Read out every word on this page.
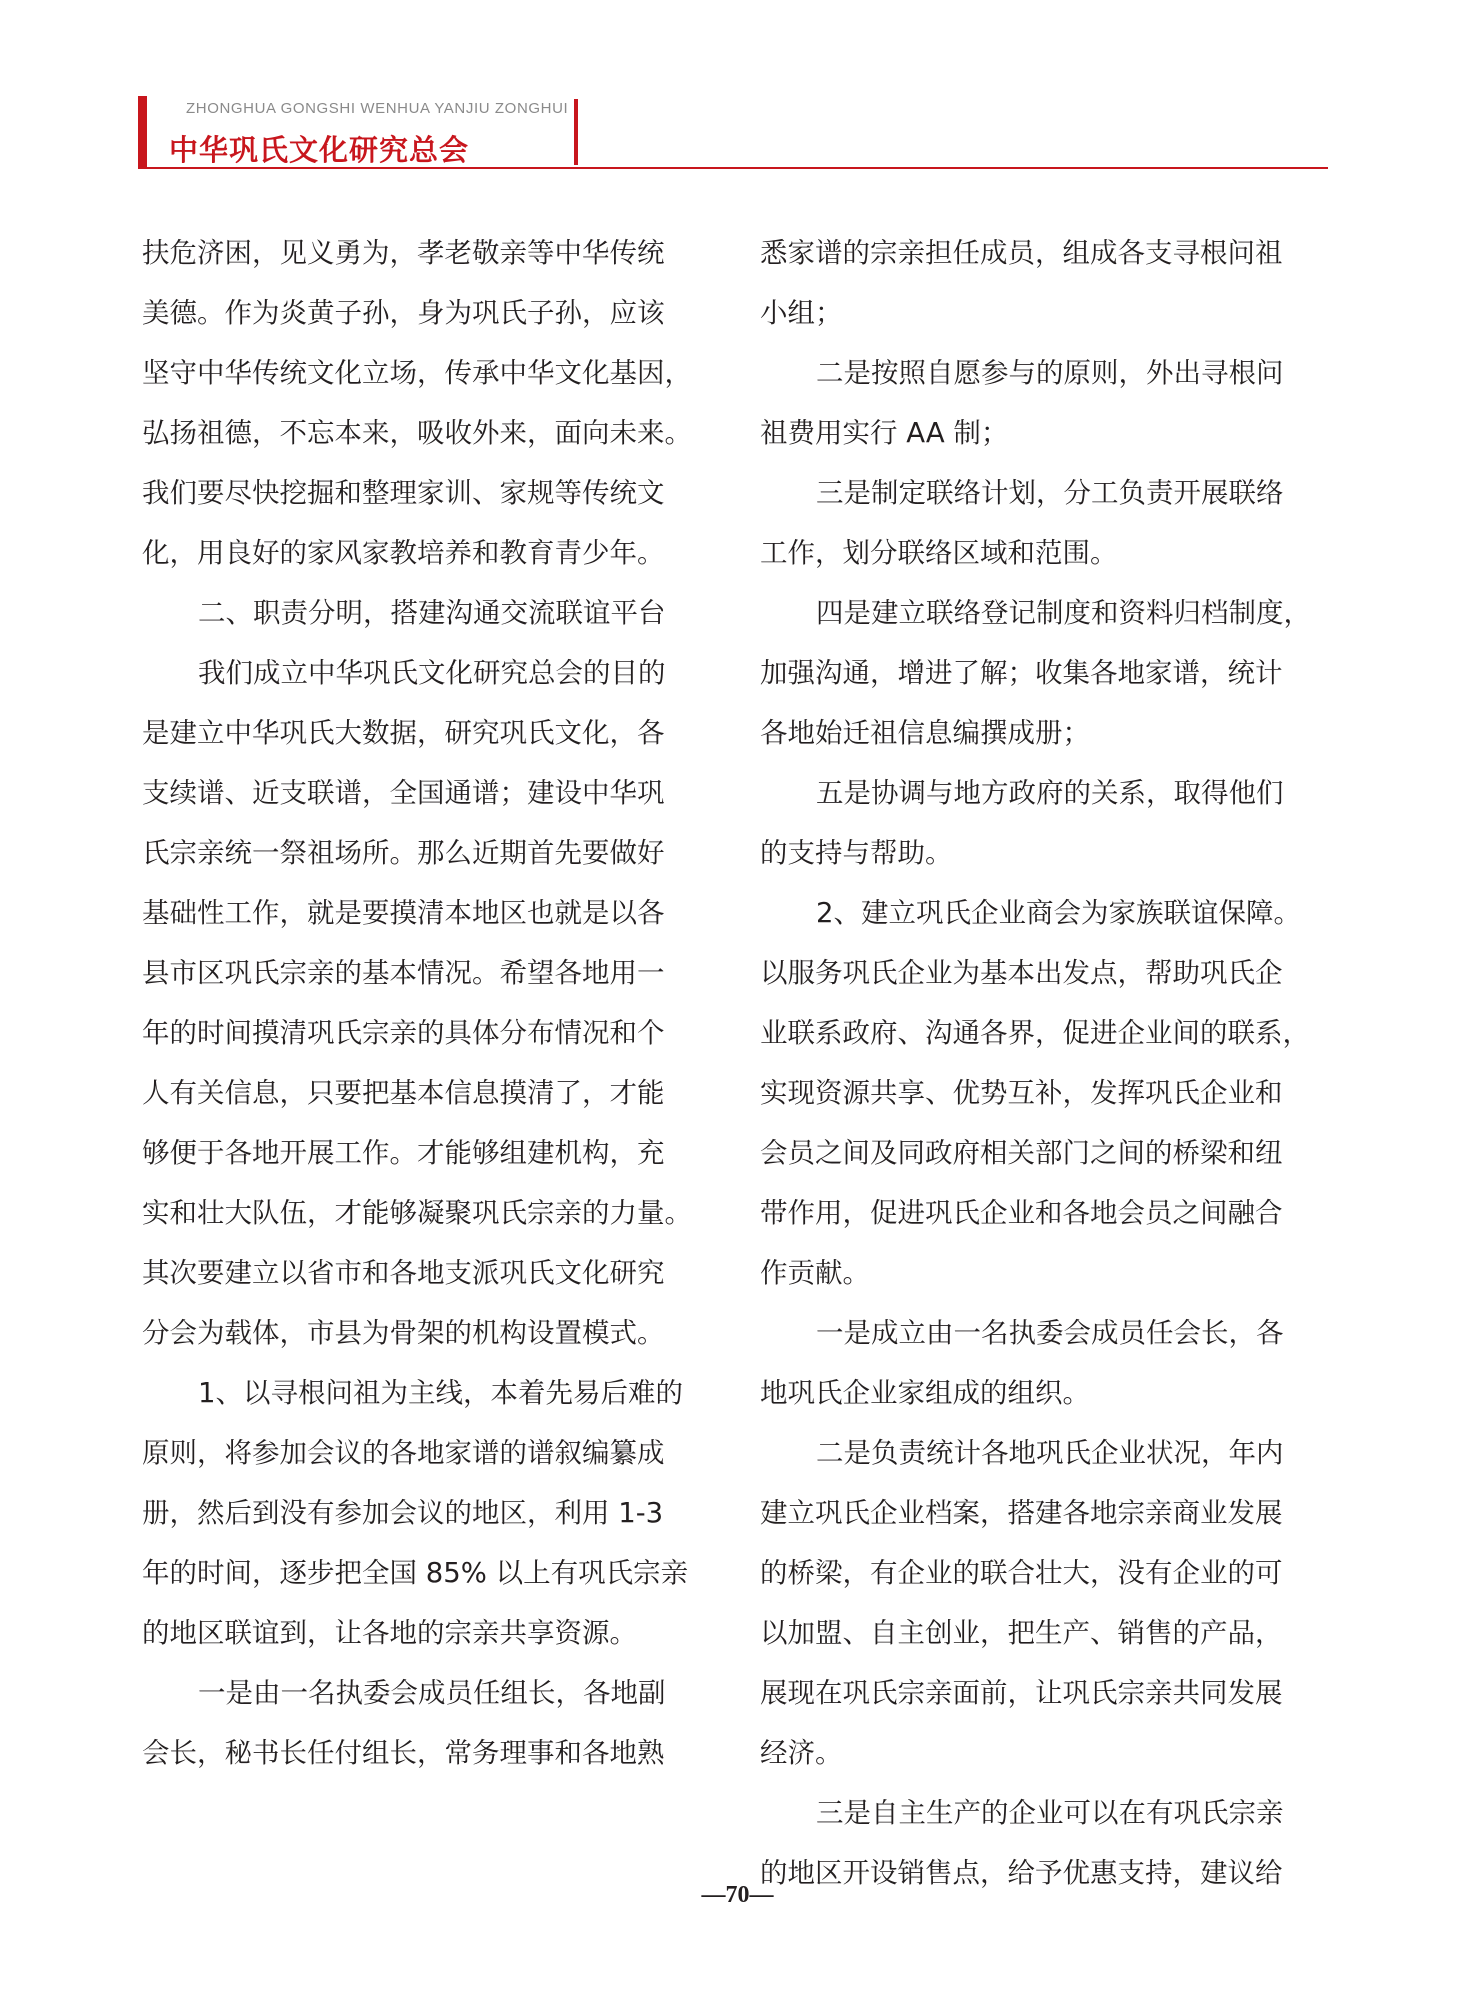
ZHONGHUA GONGSHI WENHUA YANJIU ZONGHUI
中华巩氏文化研究总会

扶危济困，见义勇为，孝老敬亲等中华传统
美德。作为炎黄子孙，身为巩氏子孙，应该
坚守中华传统文化立场，传承中华文化基因，
弘扬祖德，不忘本来，吸收外来，面向未来。
我们要尽快挖掘和整理家训、家规等传统文
化，用良好的家风家教培养和教育青少年。

二、职责分明，搭建沟通交流联谊平台

我们成立中华巩氏文化研究总会的目的
是建立中华巩氏大数据，研究巩氏文化，各
支续谱、近支联谱，全国通谱；建设中华巩
氏宗亲统一祭祖场所。那么近期首先要做好
基础性工作，就是要摸清本地区也就是以各
县市区巩氏宗亲的基本情况。希望各地用一
年的时间摸清巩氏宗亲的具体分布情况和个
人有关信息，只要把基本信息摸清了，才能
够便于各地开展工作。才能够组建机构，充
实和壮大队伍，才能够凝聚巩氏宗亲的力量。
其次要建立以省市和各地支派巩氏文化研究
分会为载体，市县为骨架的机构设置模式。

1、以寻根问祖为主线，本着先易后难的
原则，将参加会议的各地家谱的谱叙编纂成
册，然后到没有参加会议的地区，利用 1-3
年的时间，逐步把全国 85% 以上有巩氏宗亲
的地区联谊到，让各地的宗亲共享资源。

一是由一名执委会成员任组长，各地副
会长，秘书长任付组长，常务理事和各地熟

悉家谱的宗亲担任成员，组成各支寻根问祖
小组；

二是按照自愿参与的原则，外出寻根问
祖费用实行 AA 制；

三是制定联络计划，分工负责开展联络
工作，划分联络区域和范围。

四是建立联络登记制度和资料归档制度，
加强沟通，增进了解；收集各地家谱，统计
各地始迁祖信息编撰成册；

五是协调与地方政府的关系，取得他们
的支持与帮助。

2、建立巩氏企业商会为家族联谊保障。
以服务巩氏企业为基本出发点，帮助巩氏企
业联系政府、沟通各界，促进企业间的联系，
实现资源共享、优势互补，发挥巩氏企业和
会员之间及同政府相关部门之间的桥梁和纽
带作用，促进巩氏企业和各地会员之间融合
作贡献。

一是成立由一名执委会成员任会长，各
地巩氏企业家组成的组织。

二是负责统计各地巩氏企业状况，年内
建立巩氏企业档案，搭建各地宗亲商业发展
的桥梁，有企业的联合壮大，没有企业的可
以加盟、自主创业，把生产、销售的产品，
展现在巩氏宗亲面前，让巩氏宗亲共同发展
经济。

三是自主生产的企业可以在有巩氏宗亲
的地区开设销售点，给予优惠支持，建议给

—70—
